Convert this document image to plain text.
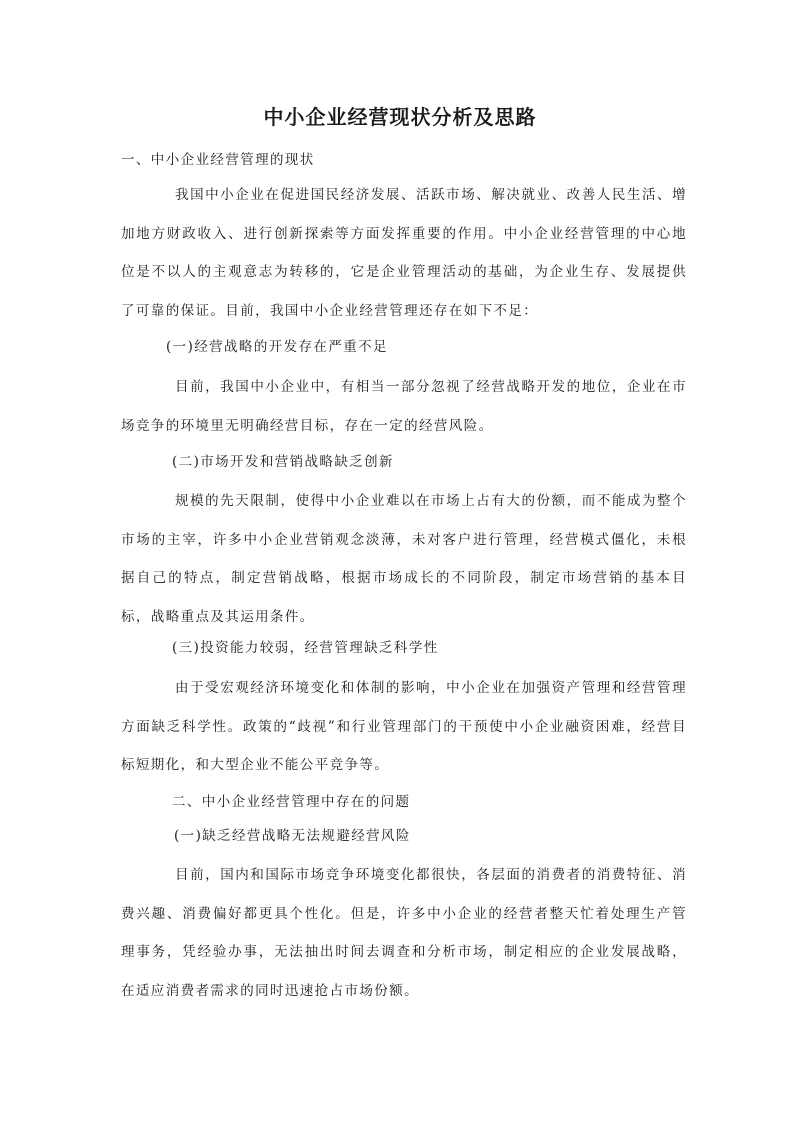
中小企业经营现状分析及思路

一、中小企业经营管理的现状

我国中小企业在促进国民经济发展、活跃市场、解决就业、改善人民生活、增加地方财政收入、进行创新探索等方面发挥重要的作用。中小企业经营管理的中心地位是不以人的主观意志为转移的，它是企业管理活动的基础，为企业生存、发展提供了可靠的保证。目前，我国中小企业经营管理还存在如下不足：

(一)经营战略的开发存在严重不足

目前，我国中小企业中，有相当一部分忽视了经营战略开发的地位，企业在市场竞争的环境里无明确经营目标，存在一定的经营风险。

(二)市场开发和营销战略缺乏创新

规模的先天限制，使得中小企业难以在市场上占有大的份额，而不能成为整个市场的主宰，许多中小企业营销观念淡薄，未对客户进行管理，经营模式僵化，未根据自己的特点，制定营销战略，根据市场成长的不同阶段，制定市场营销的基本目标，战略重点及其运用条件。

(三)投资能力较弱，经营管理缺乏科学性

由于受宏观经济环境变化和体制的影响，中小企业在加强资产管理和经营管理方面缺乏科学性。政策的“歧视”和行业管理部门的干预使中小企业融资困难，经营目标短期化，和大型企业不能公平竞争等。

二、中小企业经营管理中存在的问题

(一)缺乏经营战略无法规避经营风险

目前，国内和国际市场竞争环境变化都很快，各层面的消费者的消费特征、消费兴趣、消费偏好都更具个性化。但是，许多中小企业的经营者整天忙着处理生产管理事务，凭经验办事，无法抽出时间去调查和分析市场，制定相应的企业发展战略，在适应消费者需求的同时迅速抢占市场份额。
